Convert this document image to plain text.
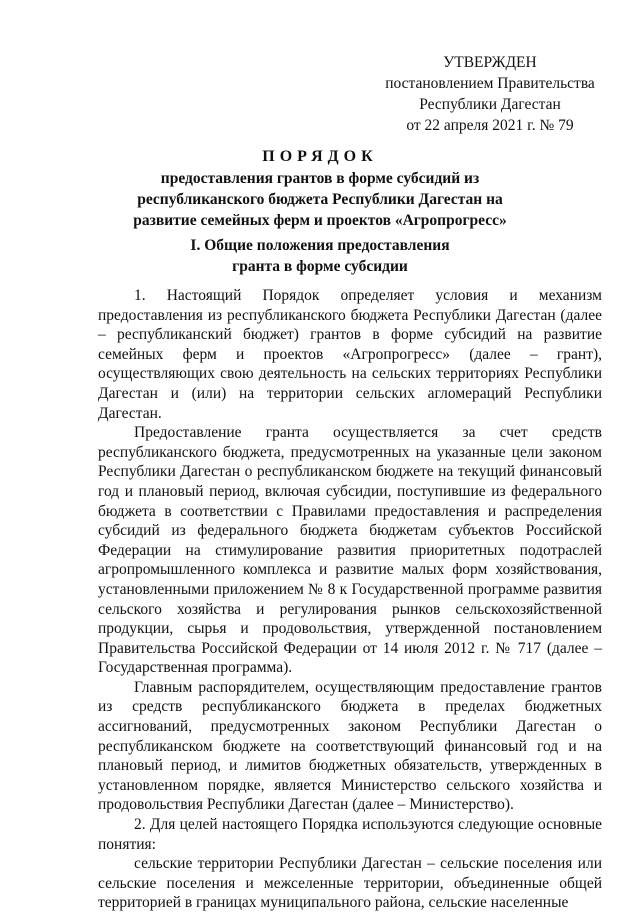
УТВЕРЖДЕН
постановлением Правительства
Республики Дагестан
от 22 апреля 2021 г. № 79
ПОРЯДОК
предоставления грантов в форме субсидий из
республиканского бюджета Республики Дагестан на
развитие семейных ферм и проектов «Агропрогресс»
I. Общие положения предоставления
гранта в форме субсидии

1. Настоящий Порядок определяет условия и механизм предоставления из республиканского бюджета Республики Дагестан (далее – республиканский бюджет) грантов в форме субсидий на развитие семейных ферм и проектов «Агропрогресс» (далее – грант), осуществляющих свою деятельность на сельских территориях Республики Дагестан и (или) на территории сельских агломераций Республики Дагестан.

Предоставление гранта осуществляется за счет средств республиканского бюджета, предусмотренных на указанные цели законом Республики Дагестан о республиканском бюджете на текущий финансовый год и плановый период, включая субсидии, поступившие из федерального бюджета в соответствии с Правилами предоставления и распределения субсидий из федерального бюджета бюджетам субъектов Российской Федерации на стимулирование развития приоритетных подотраслей агропромышленного комплекса и развитие малых форм хозяйствования, установленными приложением № 8 к Государственной программе развития сельского хозяйства и регулирования рынков сельскохозяйственной продукции, сырья и продовольствия, утвержденной постановлением Правительства Российской Федерации от 14 июля 2012 г. № 717 (далее – Государственная программа).

Главным распорядителем, осуществляющим предоставление грантов из средств республиканского бюджета в пределах бюджетных ассигнований, предусмотренных законом Республики Дагестан о республиканском бюджете на соответствующий финансовый год и на плановый период, и лимитов бюджетных обязательств, утвержденных в установленном порядке, является Министерство сельского хозяйства и продовольствия Республики Дагестан (далее – Министерство).

2. Для целей настоящего Порядка используются следующие основные понятия:

сельские территории Республики Дагестан – сельские поселения или сельские поселения и межселенные территории, объединенные общей территорией в границах муниципального района, сельские населенные
